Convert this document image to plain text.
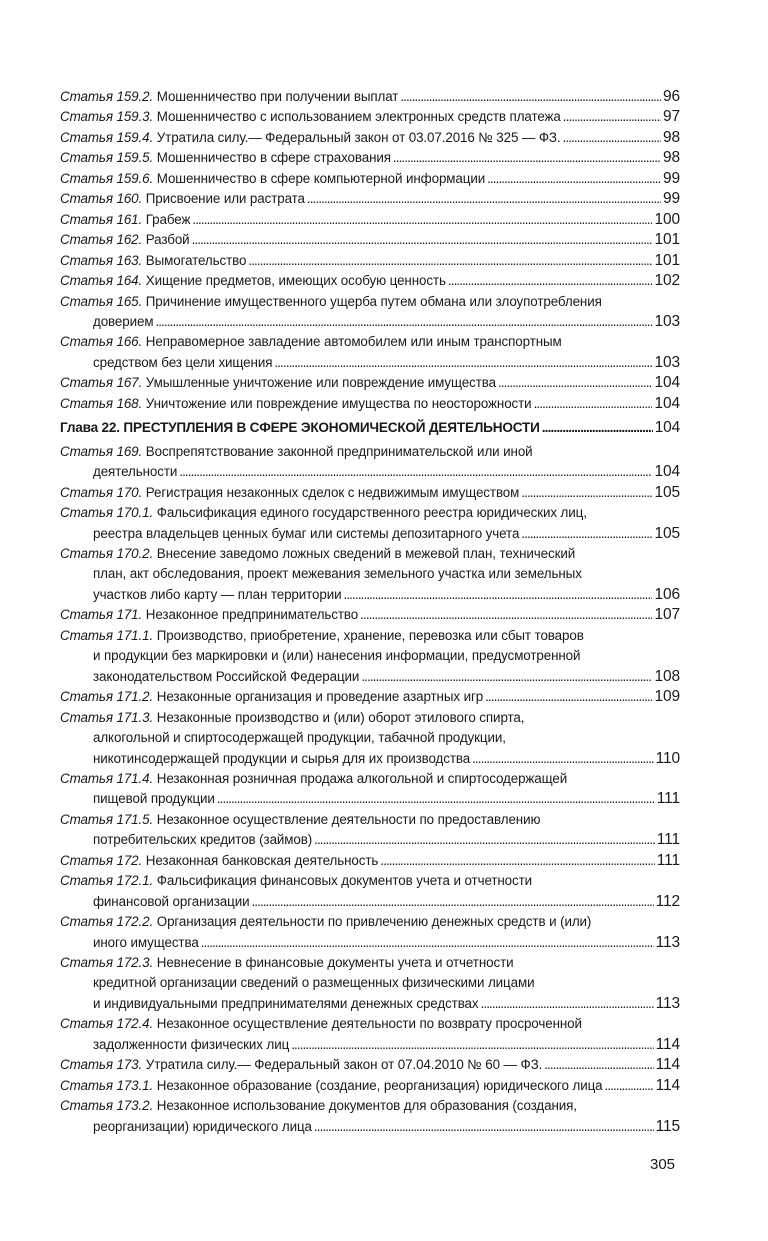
Статья 159.2.
Мошенничество при получении выплат . . .	96
Статья 159.3.
Мошенничество с использованием электронных средств платежа . . .	97
Статья 159.4.
Утратила силу.— Федеральный закон от 03.07.2016 № 325 — ФЗ. . . .	98
Статья 159.5.
Мошенничество в сфере страхования . . .	98
Статья 159.6.
Мошенничество в сфере компьютерной информации . . .	99
Статья 160.
Присвоение или растрата . . .	99
Статья 161.
Грабеж . . .	100
Статья 162.
Разбой . . .	101
Статья 163.
Вымогательство . . .	101
Статья 164.
Хищение предметов, имеющих особую ценность . . .	102
Статья 165.
Причинение имущественного ущерба путем обмана или злоупотребления
доверием . . .	103
Статья 166.
Неправомерное завладение автомобилем или иным транспортным
средством без цели хищения . . .	103
Статья 167.
Умышленные уничтожение или повреждение имущества . . .	104
Статья 168.
Уничтожение или повреждение имущества по неосторожности . . .	104
Глава 22. ПРЕСТУПЛЕНИЯ В СФЕРЕ ЭКОНОМИЧЕСКОЙ ДЕЯТЕЛЬНОСТИ . . .	104
Статья 169.
Воспрепятствование законной предпринимательской или иной
деятельности . . .	104
Статья 170.
Регистрация незаконных сделок с недвижимым имуществом . . .	105
Статья 170.1.
Фальсификация единого государственного реестра юридических лиц,
реестра владельцев ценных бумаг или системы депозитарного учета . . .	105
Статья 170.2.
Внесение заведомо ложных сведений в межевой план, технический
план, акт обследования, проект межевания земельного участка или земельных
участков либо карту — план территории . . .	106
Статья 171.
Незаконное предпринимательство . . .	107
Статья 171.1.
Производство, приобретение, хранение, перевозка или сбыт товаров
и продукции без маркировки и (или) нанесения информации, предусмотренной
законодательством Российской Федерации . . .	108
Статья 171.2.
Незаконные организация и проведение азартных игр . . .	109
Статья 171.3.
Незаконные производство и (или) оборот этилового спирта,
алкогольной и спиртосодержащей продукции, табачной продукции,
никотинсодержащей продукции и сырья для их производства . . .	110
Статья 171.4.
Незаконная розничная продажа алкогольной и спиртосодержащей
пищевой продукции . . .	111
Статья 171.5.
Незаконное осуществление деятельности по предоставлению
потребительских кредитов (займов) . . .	111
Статья 172.
Незаконная банковская деятельность . . .	111
Статья 172.1.
Фальсификация финансовых документов учета и отчетности
финансовой организации . . .	112
Статья 172.2.
Организация деятельности по привлечению денежных средств и (или)
иного имущества . . .	113
Статья 172.3.
Невнесение в финансовые документы учета и отчетности
кредитной организации сведений о размещенных физическими лицами
и индивидуальными предпринимателями денежных средствах . . .	113
Статья 172.4.
Незаконное осуществление деятельности по возврату просроченной
задолженности физических лиц . . .	114
Статья 173.
Утратила силу.— Федеральный закон от 07.04.2010 № 60 — ФЗ. . . .	114
Статья 173.1.
Незаконное образование (создание, реорганизация) юридического лица . . .	114
Статья 173.2.
Незаконное использование документов для образования (создания,
реорганизации) юридического лица . . .	115
305
